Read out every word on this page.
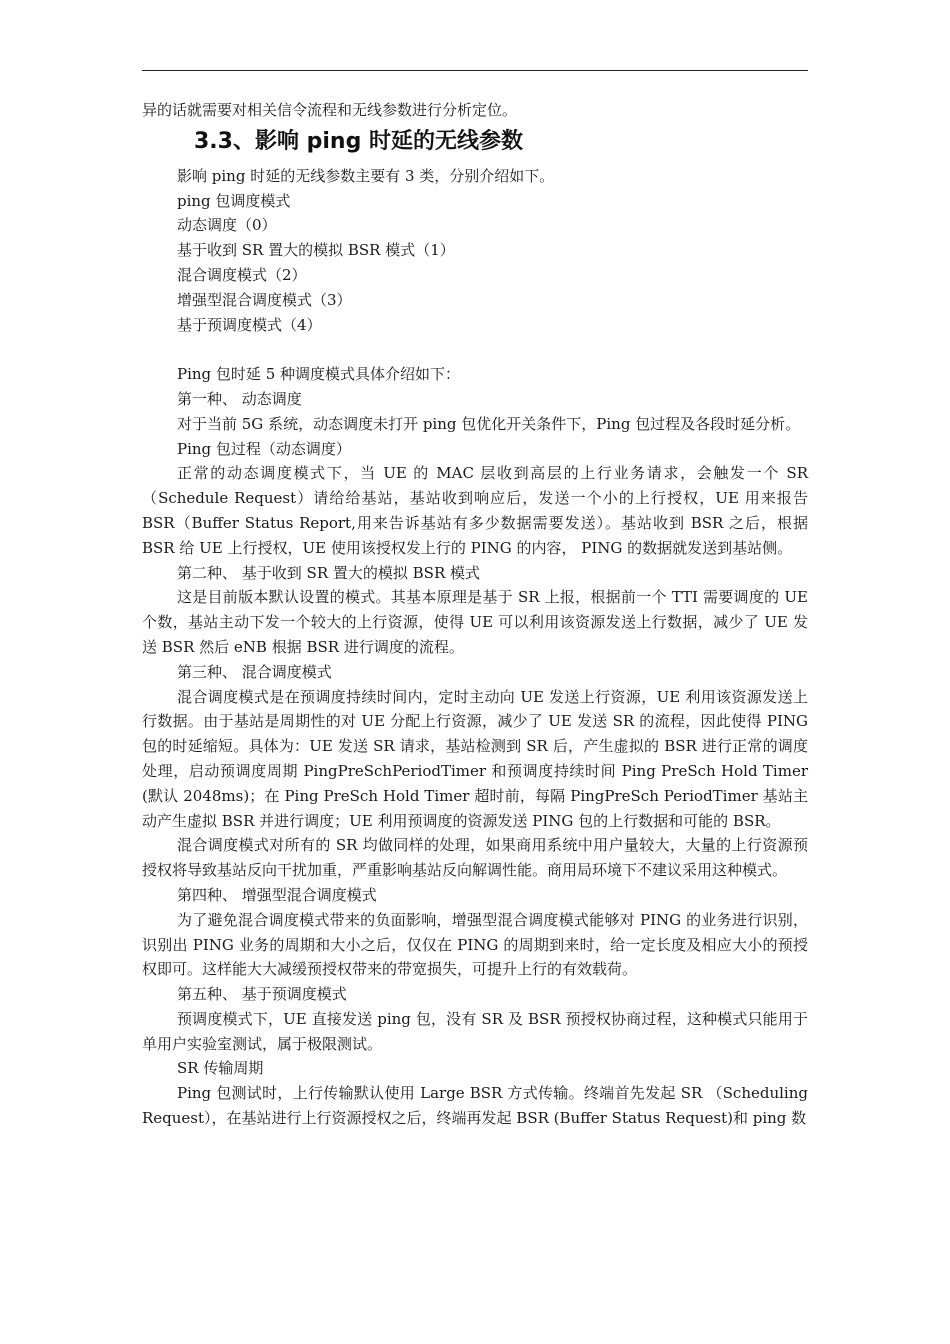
异的话就需要对相关信令流程和无线参数进行分析定位。

3.3、影响 ping 时延的无线参数

影响 ping 时延的无线参数主要有 3 类，分别介绍如下。

ping 包调度模式

动态调度（0）

基于收到 SR 置大的模拟 BSR 模式（1）

混合调度模式（2）

增强型混合调度模式（3）

基于预调度模式（4）

Ping 包时延 5 种调度模式具体介绍如下：

第一种、 动态调度

对于当前 5G 系统，动态调度未打开 ping 包优化开关条件下，Ping 包过程及各段时延分析。

Ping 包过程（动态调度）

正常的动态调度模式下，当 UE 的 MAC 层收到高层的上行业务请求，会触发一个 SR（Schedule Request）请给给基站，基站收到响应后，发送一个小的上行授权，UE 用来报告 BSR（Buffer Status Report,用来告诉基站有多少数据需要发送）。基站收到 BSR 之后，根据 BSR 给 UE 上行授权，UE 使用该授权发上行的 PING 的内容， PING 的数据就发送到基站侧。

第二种、 基于收到 SR 置大的模拟 BSR 模式

这是目前版本默认设置的模式。其基本原理是基于 SR 上报，根据前一个 TTI 需要调度的 UE 个数，基站主动下发一个较大的上行资源，使得 UE 可以利用该资源发送上行数据，减少了 UE 发送 BSR 然后 eNB 根据 BSR 进行调度的流程。

第三种、 混合调度模式

混合调度模式是在预调度持续时间内，定时主动向 UE 发送上行资源，UE 利用该资源发送上行数据。由于基站是周期性的对 UE 分配上行资源，减少了 UE 发送 SR 的流程，因此使得 PING 包的时延缩短。具体为：UE 发送 SR 请求，基站检测到 SR 后，产生虚拟的 BSR 进行正常的调度处理，启动预调度周期 PingPreSchPeriodTimer 和预调度持续时间 Ping PreSch Hold Timer (默认 2048ms)；在 Ping PreSch Hold Timer 超时前，每隔 PingPreSch PeriodTimer 基站主动产生虚拟 BSR 并进行调度；UE 利用预调度的资源发送 PING 包的上行数据和可能的 BSR。

混合调度模式对所有的 SR 均做同样的处理，如果商用系统中用户量较大，大量的上行资源预授权将导致基站反向干扰加重，严重影响基站反向解调性能。商用局环境下不建议采用这种模式。

第四种、 增强型混合调度模式

为了避免混合调度模式带来的负面影响，增强型混合调度模式能够对 PING 的业务进行识别，识别出 PING 业务的周期和大小之后，仅仅在 PING 的周期到来时，给一定长度及相应大小的预授权即可。这样能大大减缓预授权带来的带宽损失，可提升上行的有效载荷。

第五种、 基于预调度模式

预调度模式下，UE 直接发送 ping 包，没有 SR 及 BSR 预授权协商过程，这种模式只能用于单用户实验室测试，属于极限测试。

SR 传输周期

Ping 包测试时，上行传输默认使用 Large BSR 方式传输。终端首先发起 SR （Scheduling Request），在基站进行上行资源授权之后，终端再发起 BSR (Buffer Status Request)和 ping 数
